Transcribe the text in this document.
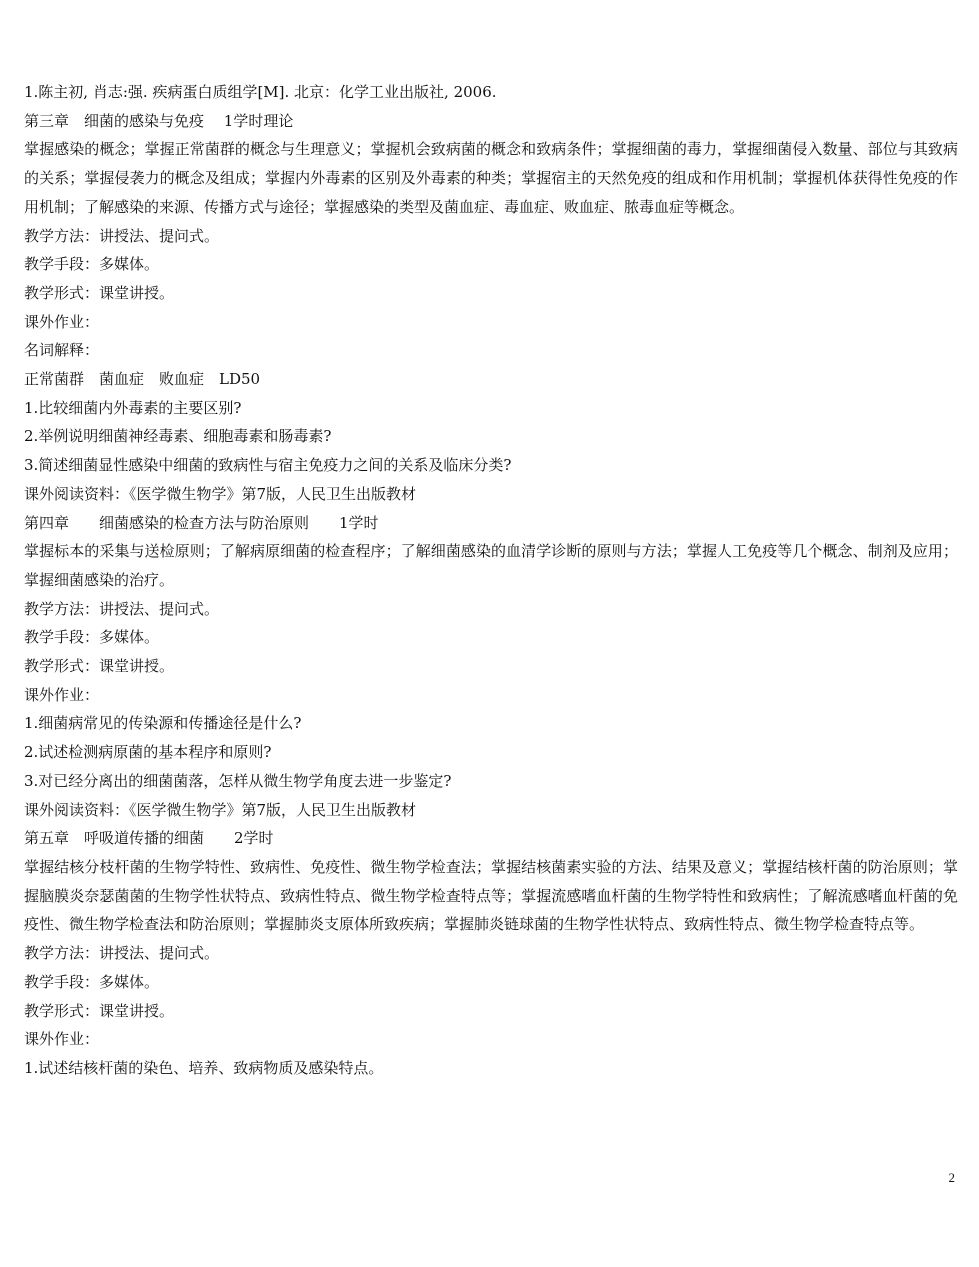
1.陈主初, 肖志:强. 疾病蛋白质组学[M]. 北京：化学工业出版社, 2006.
第三章　细菌的感染与免疫　 1学时理论
掌握感染的概念；掌握正常菌群的概念与生理意义；掌握机会致病菌的概念和致病条件；掌握细菌的毒力，掌握细菌侵入数量、部位与其致病的关系；掌握侵袭力的概念及组成；掌握内外毒素的区别及外毒素的种类；掌握宿主的天然免疫的组成和作用机制；掌握机体获得性免疫的作用机制；了解感染的来源、传播方式与途径；掌握感染的类型及菌血症、毒血症、败血症、脓毒血症等概念。
教学方法：讲授法、提问式。
教学手段：多媒体。
教学形式：课堂讲授。
课外作业：
名词解释：
正常菌群　菌血症　败血症　LD50
1.比较细菌内外毒素的主要区别?
2.举例说明细菌神经毒素、细胞毒素和肠毒素?
3.简述细菌显性感染中细菌的致病性与宿主免疫力之间的关系及临床分类?
课外阅读资料：《医学微生物学》第7版，人民卫生出版教材
第四章　　细菌感染的检查方法与防治原则　　1学时
掌握标本的采集与送检原则；了解病原细菌的检查程序；了解细菌感染的血清学诊断的原则与方法；掌握人工免疫等几个概念、制剂及应用；掌握细菌感染的治疗。
教学方法：讲授法、提问式。
教学手段：多媒体。
教学形式：课堂讲授。
课外作业：
1.细菌病常见的传染源和传播途径是什么?
2.试述检测病原菌的基本程序和原则?
3.对已经分离出的细菌菌落，怎样从微生物学角度去进一步鉴定?
课外阅读资料：《医学微生物学》第7版，人民卫生出版教材
第五章　呼吸道传播的细菌　　2学时
掌握结核分枝杆菌的生物学特性、致病性、免疫性、微生物学检查法；掌握结核菌素实验的方法、结果及意义；掌握结核杆菌的防治原则；掌握脑膜炎奈瑟菌菌的生物学性状特点、致病性特点、微生物学检查特点等；掌握流感嗜血杆菌的生物学特性和致病性；了解流感嗜血杆菌的免疫性、微生物学检查法和防治原则；掌握肺炎支原体所致疾病；掌握肺炎链球菌的生物学性状特点、致病性特点、微生物学检查特点等。
教学方法：讲授法、提问式。
教学手段：多媒体。
教学形式：课堂讲授。
课外作业：
1.试述结核杆菌的染色、培养、致病物质及感染特点。
2
